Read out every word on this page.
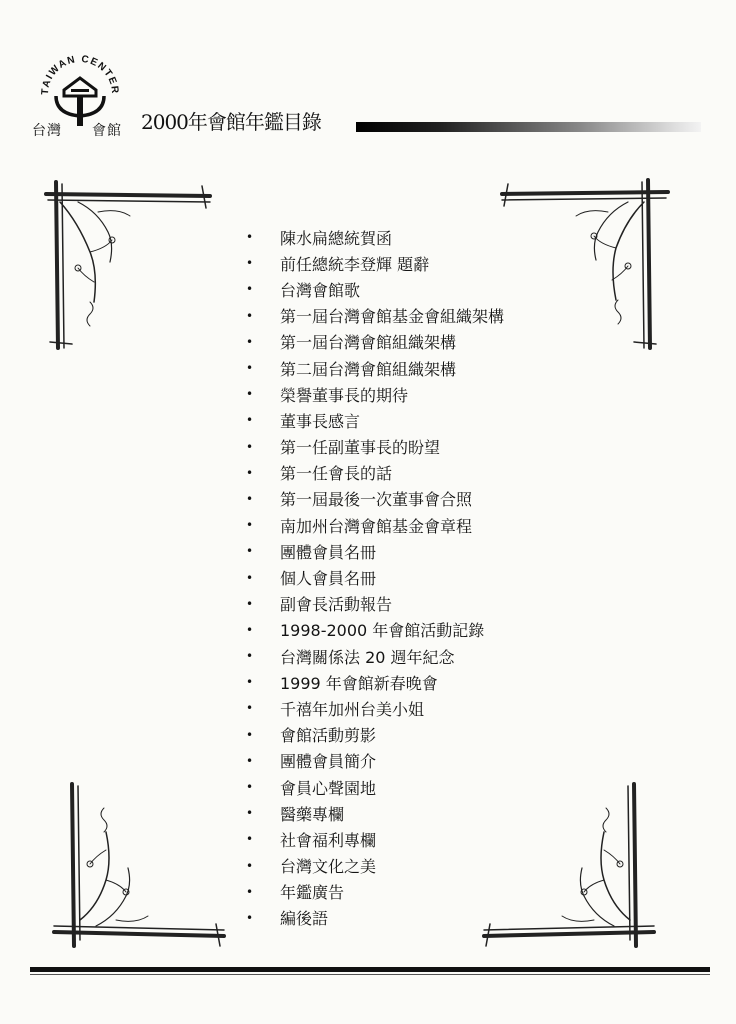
TAIWAN CENTER
台灣 會館 2000年會館年鑑目錄
•	陳水扁總統賀函
•	前任總統李登輝 題辭
•	台灣會館歌
•	第一屆台灣會館基金會組織架構
•	第一屆台灣會館組織架構
•	第二屆台灣會館組織架構
•	榮譽董事長的期待
•	董事長感言
•	第一任副董事長的盼望
•	第一任會長的話
•	第一屆最後一次董事會合照
•	南加州台灣會館基金會章程
•	團體會員名冊
•	個人會員名冊
•	副會長活動報告
•	1998-2000 年會館活動記錄
•	台灣關係法 20 週年紀念
•	1999 年會館新春晚會
•	千禧年加州台美小姐
•	會館活動剪影
•	團體會員簡介
•	會員心聲園地
•	醫藥專欄
•	社會福利專欄
•	台灣文化之美
•	年鑑廣告
•	編後語
